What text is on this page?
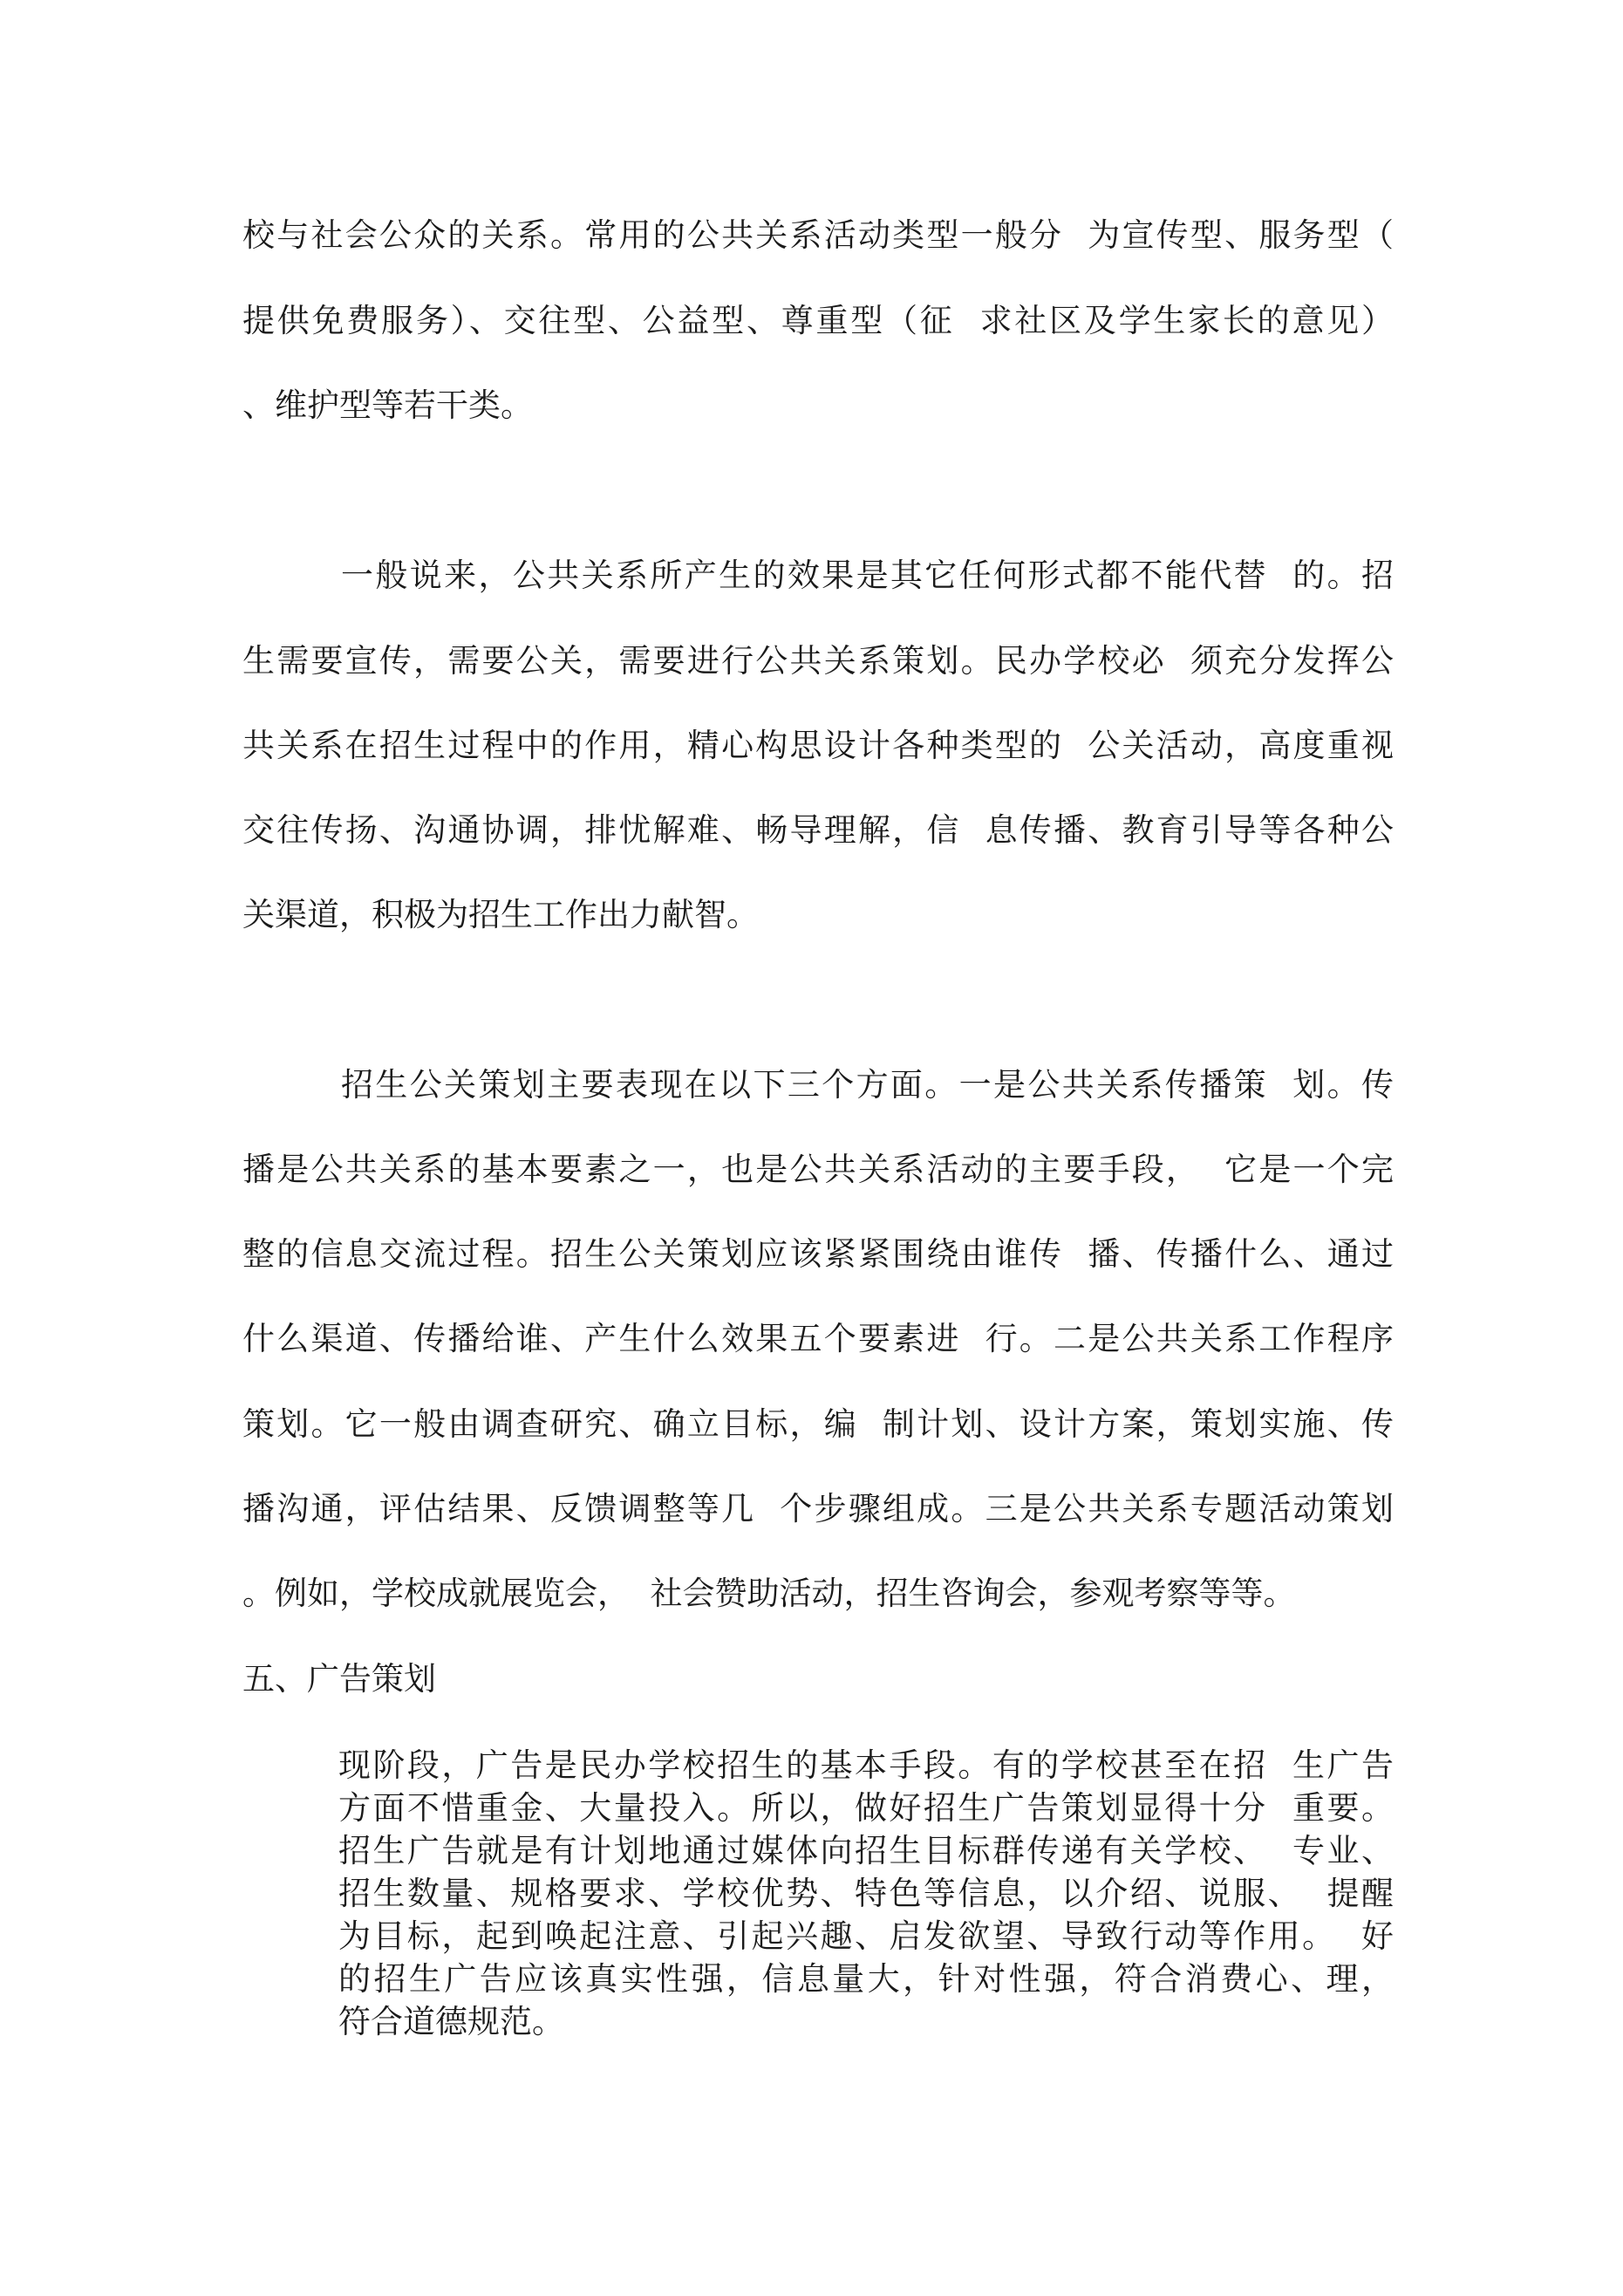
校与社会公众的关系。常用的公共关系活动类型一般分  为宣传型、服务型（
提供免费服务）、交往型、公益型、尊重型（征  求社区及学生家长的意见）
、维护型等若干类。
一般说来，公共关系所产生的效果是其它任何形式都不能代替  的。招
生需要宣传，需要公关，需要进行公共关系策划。民办学校必  须充分发挥公
共关系在招生过程中的作用，精心构思设计各种类型的  公关活动，高度重视
交往传扬、沟通协调，排忧解难、畅导理解，信  息传播、教育引导等各种公
关渠道，积极为招生工作出力献智。
招生公关策划主要表现在以下三个方面。一是公共关系传播策  划。传
播是公共关系的基本要素之一，也是公共关系活动的主要手段，  它是一个完
整的信息交流过程。招生公关策划应该紧紧围绕由谁传  播、传播什么、通过
什么渠道、传播给谁、产生什么效果五个要素进  行。二是公共关系工作程序
策划。它一般由调查研究、确立目标，编  制计划、设计方案，策划实施、传
播沟通，评估结果、反馈调整等几  个步骤组成。三是公共关系专题活动策划
。例如，学校成就展览会，  社会赞助活动，招生咨询会，参观考察等等。
五、广告策划
现阶段，广告是民办学校招生的基本手段。有的学校甚至在招  生广告
方面不惜重金、大量投入。所以，做好招生广告策划显得十分  重要。
招生广告就是有计划地通过媒体向招生目标群传递有关学校、  专业、
招生数量、规格要求、学校优势、特色等信息，以介绍、说服、  提醒
为目标，起到唤起注意、引起兴趣、启发欲望、导致行动等作用。  好
的招生广告应该真实性强，信息量大，针对性强，符合消费心、理，
符合道德规范。
